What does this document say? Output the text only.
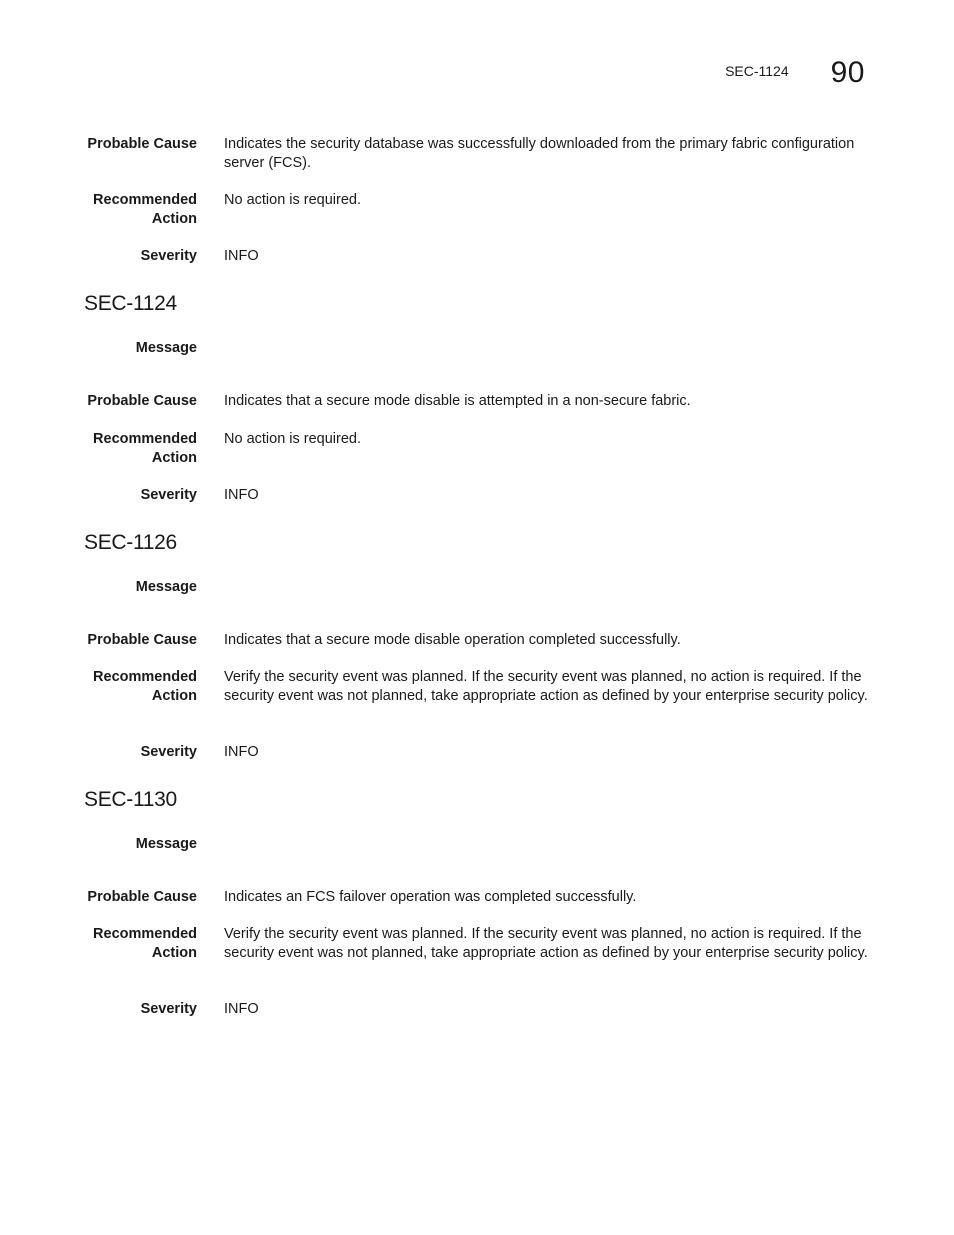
SEC-1124 90
Probable Cause Indicates the security database was successfully downloaded from the primary fabric configuration server (FCS).
Recommended
Action
No action is required.
Severity INFO
SEC-1124
Message
Probable Cause Indicates that a secure mode disable is attempted in a non-secure fabric.
Recommended
Action
No action is required.
Severity INFO
SEC-1126
Message
Probable Cause Indicates that a secure mode disable operation completed successfully.
Recommended
Action
Verify the security event was planned. If the security event was planned, no action is required. If the security event was not planned, take appropriate action as defined by your enterprise security policy.
Severity INFO
SEC-1130
Message
Probable Cause Indicates an FCS failover operation was completed successfully.
Recommended
Action
Verify the security event was planned. If the security event was planned, no action is required. If the security event was not planned, take appropriate action as defined by your enterprise security policy.
Severity INFO
